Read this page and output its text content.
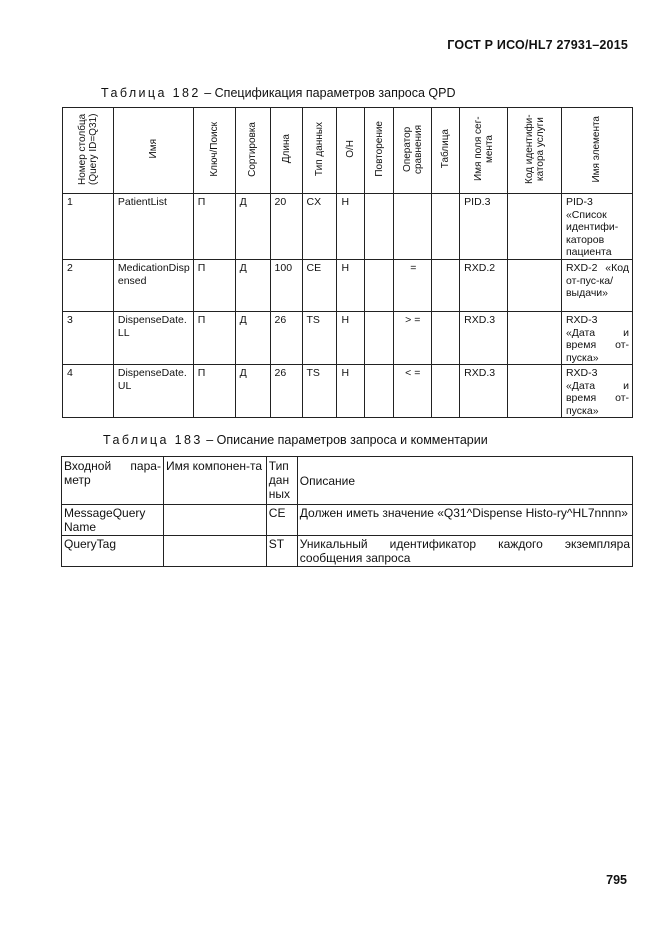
ГОСТ Р ИСО/HL7 27931–2015
Таблица 182 – Спецификация параметров запроса QPD
Номер столбца (Query ID=Q31)	Имя	Ключ/Поиск	Сортировка	Длина	Тип данных	О/Н	Повторение	Оператор сравнения	Таблица	Имя поля сег-мента	Код идентифи-катора услуги	Имя элемента
1	PatientList	П	Д	20	CX	Н				PID.3		PID-3 «Список идентифи-каторов пациента
2	MedicationDispensed	П	Д	100	CE	Н		=		RXD.2		RXD-2 «Код от-пус-ка/выдачи»
3	DispenseDate.LL	П	Д	26	TS	Н		> =		RXD.3		RXD-3 «Дата и время от-пуска»
4	DispenseDate.UL	П	Д	26	TS	Н		< =		RXD.3		RXD-3 «Дата и время от-пуска»
Таблица 183 – Описание параметров запроса и комментарии
Входной пара-метр	Имя компонен-та	Тип дан ных	Описание
MessageQuery Name		CE	Должен иметь значение «Q31^Dispense Histo-ry^HL7nnnn»
QueryTag		ST	Уникальный идентификатор каждого экземпляра сообщения запроса
795
